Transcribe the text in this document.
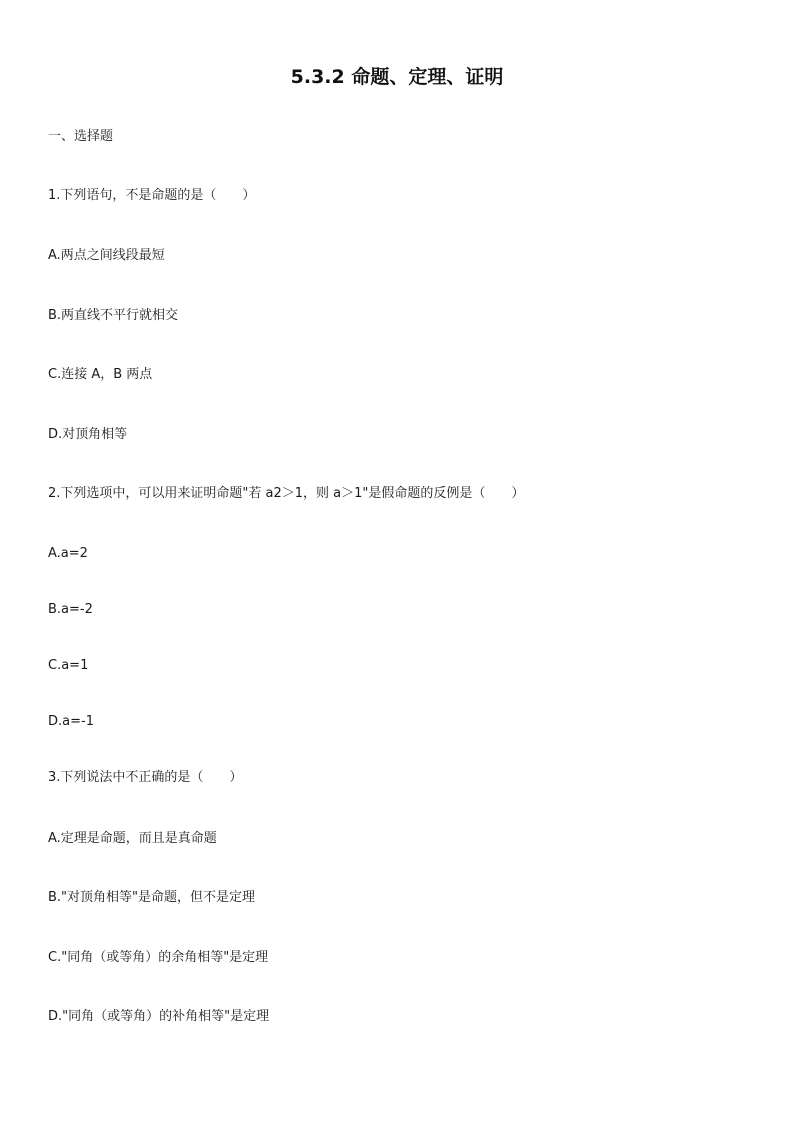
5.3.2 命题、定理、证明
一、选择题
1.下列语句，不是命题的是（　　）
A.两点之间线段最短
B.两直线不平行就相交
C.连接 A，B 两点
D.对顶角相等
2.下列选项中，可以用来证明命题"若 a2＞1，则 a＞1"是假命题的反例是（　　）
A.a=2
B.a=-2
C.a=1
D.a=-1
3.下列说法中不正确的是（　　）
A.定理是命题，而且是真命题
B."对顶角相等"是命题，但不是定理
C."同角（或等角）的余角相等"是定理
D."同角（或等角）的补角相等"是定理
